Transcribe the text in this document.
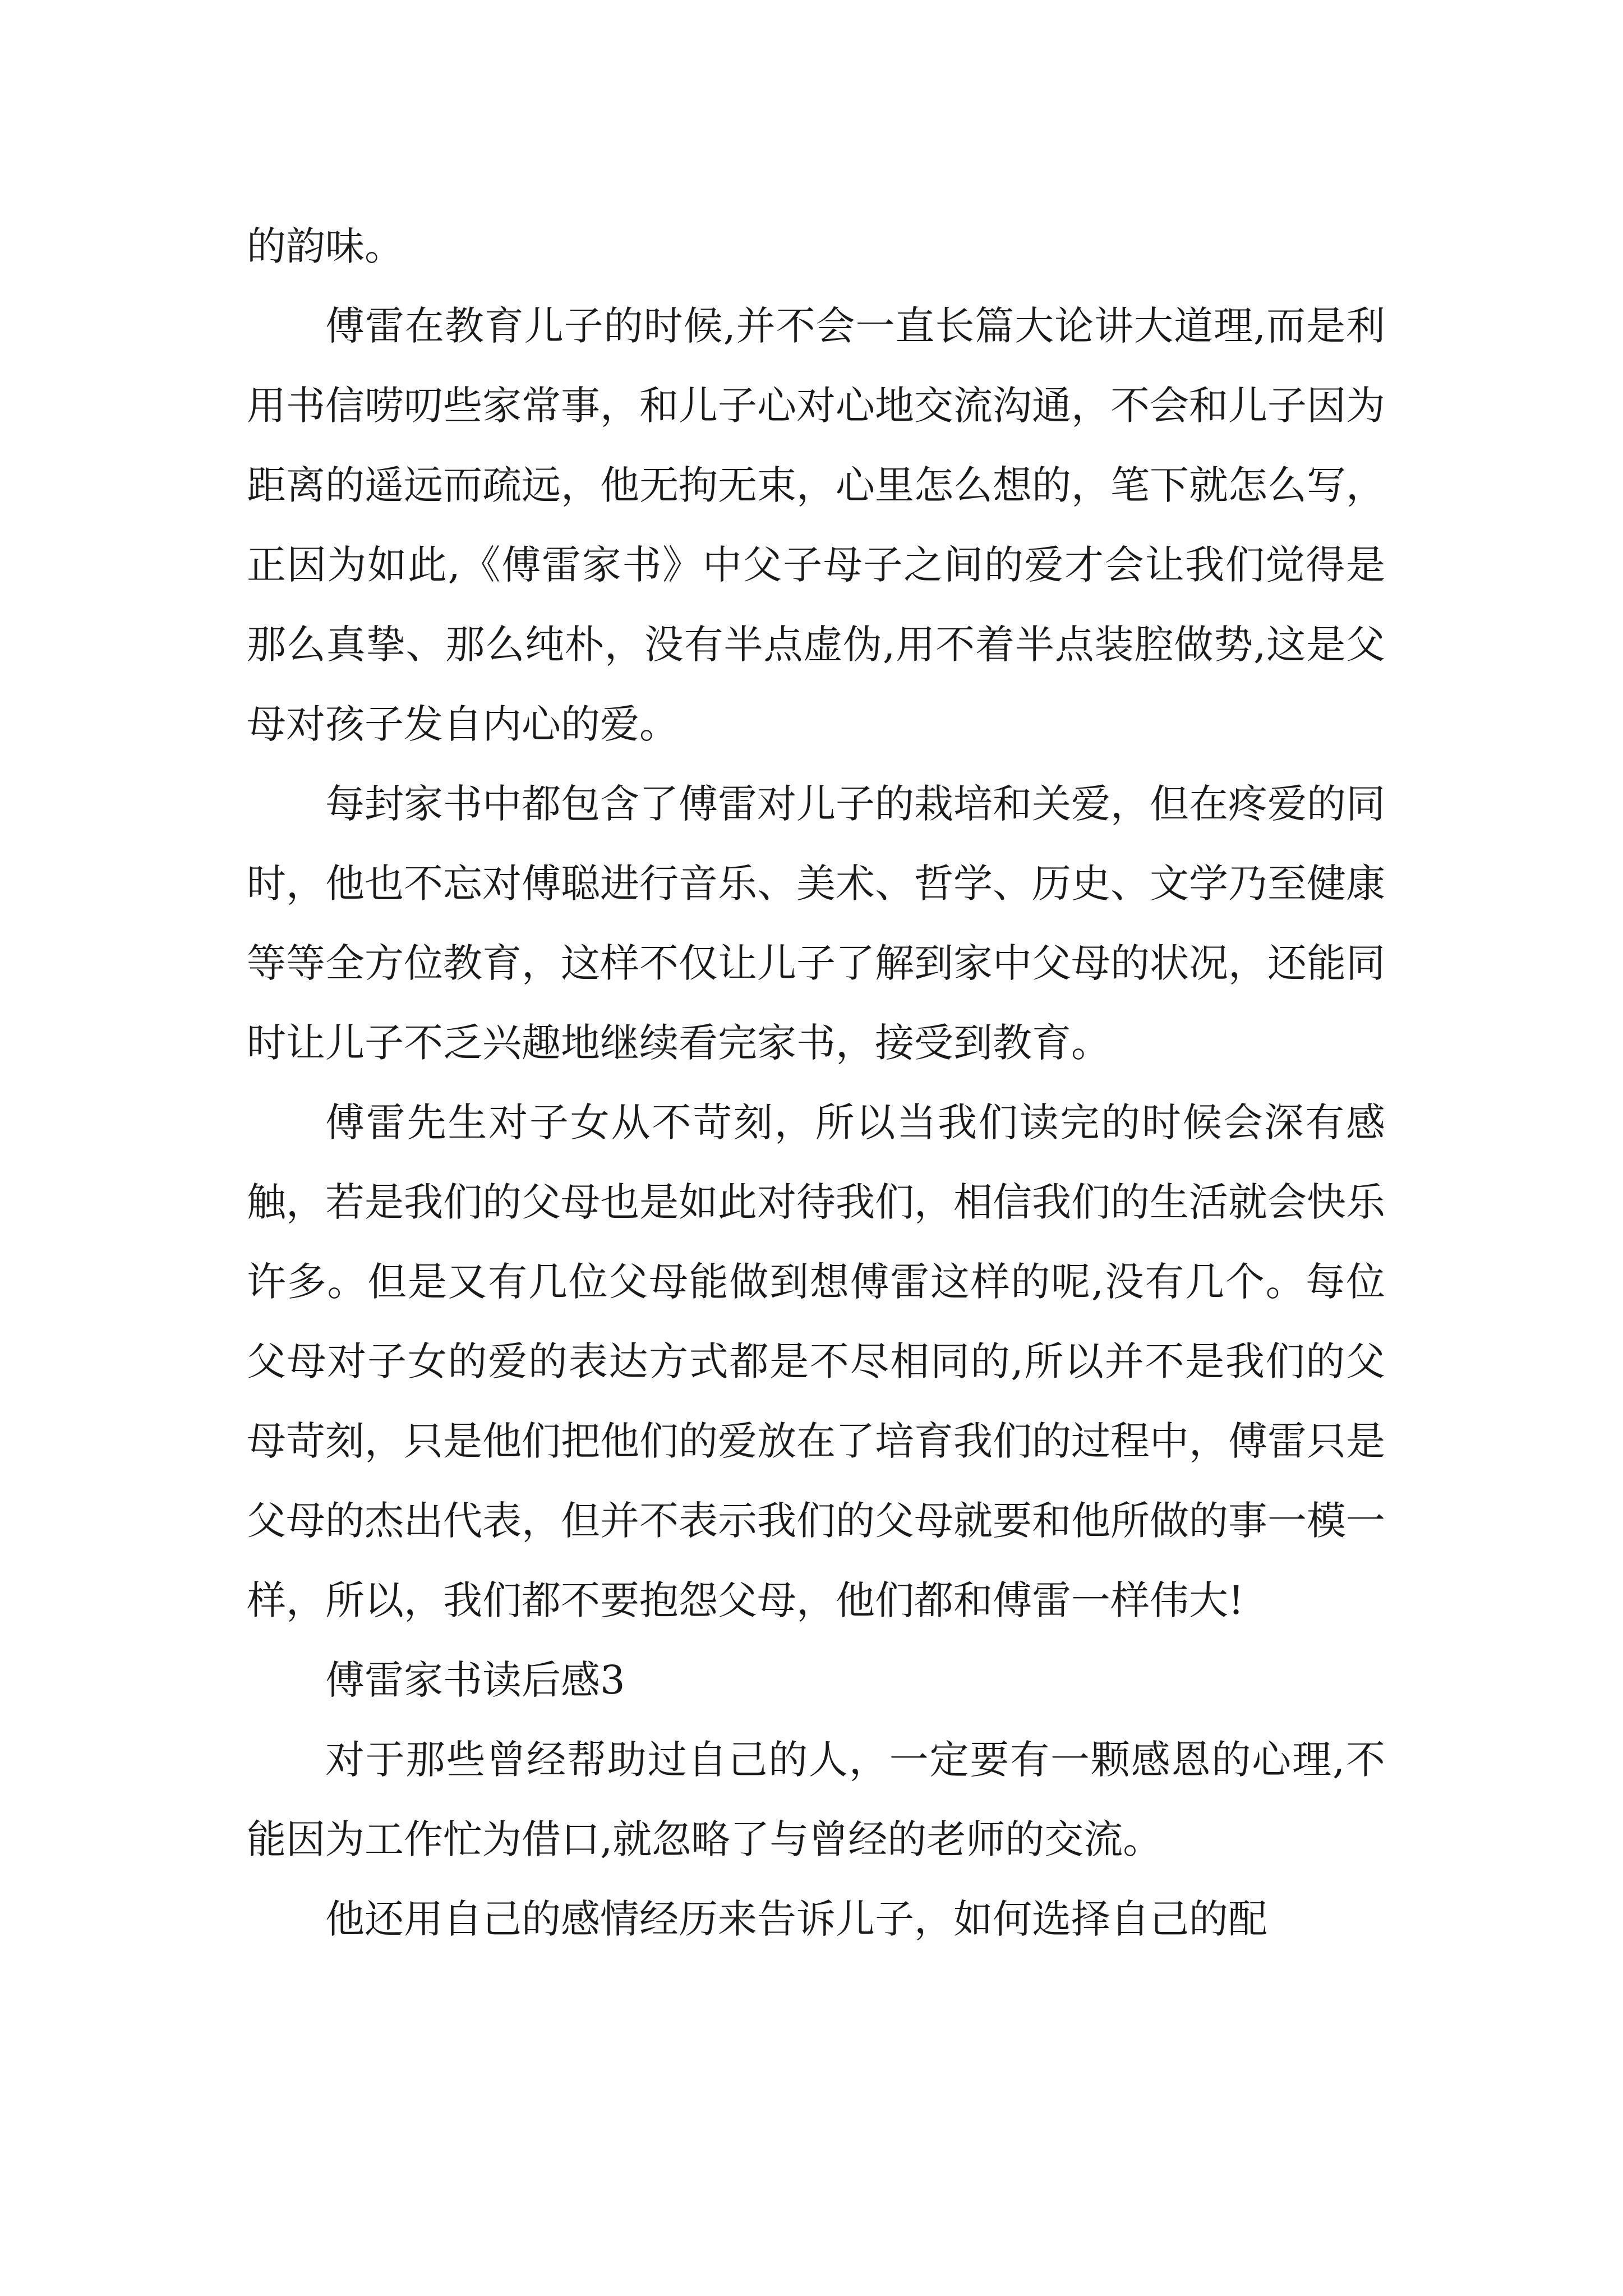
的韵味。

傅雷在教育儿子的时候,并不会一直长篇大论讲大道理,而是利用书信唠叨些家常事，和儿子心对心地交流沟通，不会和儿子因为距离的遥远而疏远，他无拘无束，心里怎么想的，笔下就怎么写，正因为如此,《傅雷家书》中父子母子之间的爱才会让我们觉得是那么真挚、那么纯朴，没有半点虚伪,用不着半点装腔做势,这是父母对孩子发自内心的爱。

每封家书中都包含了傅雷对儿子的栽培和关爱，但在疼爱的同时，他也不忘对傅聪进行音乐、美术、哲学、历史、文学乃至健康等等全方位教育，这样不仅让儿子了解到家中父母的状况，还能同时让儿子不乏兴趣地继续看完家书，接受到教育。

傅雷先生对子女从不苛刻，所以当我们读完的时候会深有感触，若是我们的父母也是如此对待我们，相信我们的生活就会快乐许多。但是又有几位父母能做到想傅雷这样的呢,没有几个。每位父母对子女的爱的表达方式都是不尽相同的,所以并不是我们的父母苛刻，只是他们把他们的爱放在了培育我们的过程中，傅雷只是父母的杰出代表，但并不表示我们的父母就要和他所做的事一模一样，所以，我们都不要抱怨父母，他们都和傅雷一样伟大!

傅雷家书读后感3

对于那些曾经帮助过自己的人，一定要有一颗感恩的心理,不能因为工作忙为借口,就忽略了与曾经的老师的交流。

他还用自己的感情经历来告诉儿子，如何选择自己的配
